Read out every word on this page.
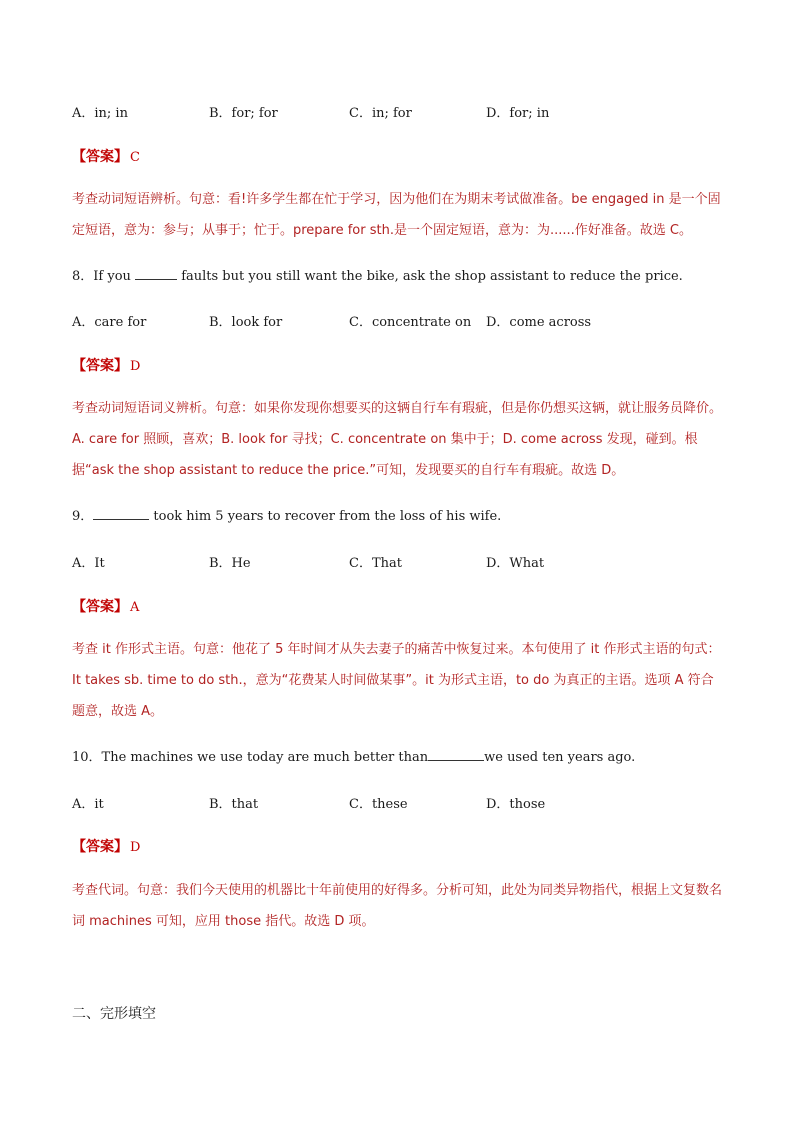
A．in; in	B．for; for	C．in; for	D．for; in
【答案】 C
考查动词短语辨析。句意：看!许多学生都在忙于学习，因为他们在为期末考试做准备。be engaged in 是一个固定短语，意为：参与；从事于；忙于。prepare for sth.是一个固定短语，意为：为......作好准备。故选 C。
8．If you	faults but you still want the bike, ask the shop assistant to reduce the price.
A．care for	B．look for	C．concentrate on D．come across
【答案】 D
考查动词短语词义辨析。句意：如果你发现你想要买的这辆自行车有瑕疵，但是你仍想买这辆，就让服务员降价。A. care for 照顾，喜欢；B. look for 寻找；C. concentrate on 集中于；D. come across 发现，碰到。根据“ask the shop assistant to reduce the price.”可知，发现要买的自行车有瑕疵。故选 D。
9．	took him 5 years to recover from the loss of his wife.
A．It	B．He	C．That	D．What
【答案】 A
考查 it 作形式主语。句意：他花了 5 年时间才从失去妻子的痛苦中恢复过来。本句使用了 it 作形式主语的句式：It takes sb. time to do sth.，意为“花费某人时间做某事”。it 为形式主语，to do 为真正的主语。选项 A 符合题意，故选 A。
10．The machines we use today are much better than	we used ten years ago.
A．it	B．that	C．these	D．those
【答案】 D
考查代词。句意：我们今天使用的机器比十年前使用的好得多。分析可知，此处为同类异物指代，根据上文复数名词 machines 可知，应用 those 指代。故选 D 项。
二、完形填空
